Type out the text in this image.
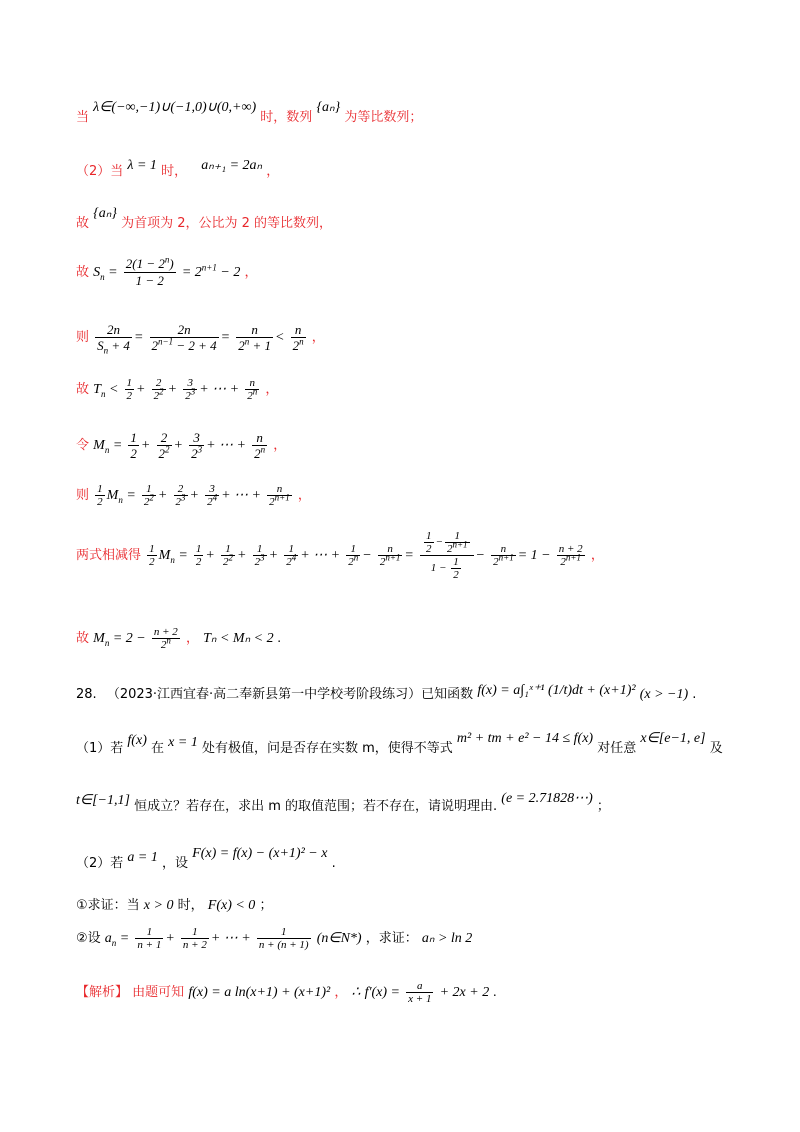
当 λ∈(−∞,−1)∪(−1,0)∪(0,+∞) 时，数列 {aₙ} 为等比数列；
（2）当 λ = 1 时， aₙ₊₁ = 2aₙ ，
故 {aₙ} 为首项为 2，公比为 2 的等比数列，
故 $S_n = \frac{2(1 - 2^n)}{1 - 2} = 2^{n+1} - 2$ ，
则 $\frac{2n}{S_n + 4} = \frac{2n}{2^{n-1} - 2 + 4} = \frac{n}{2^n + 1} < \frac{n}{2^n}$ ，
故 $T_n < \frac{1}{2} + \frac{2}{2^2} + \frac{3}{2^3}$ + ⋯ + $\frac{n}{2^n}$ ，
令 $M_n = \frac{1}{2} + \frac{2}{2^2} + \frac{3}{2^3}$ + ⋯ + $\frac{n}{2^n}$ ，
则 $\frac{1}{2} M_n = \frac{1}{2^2} + \frac{2}{2^3} + \frac{3}{2^4}$ + ⋯ + $\frac{n}{2^{n+1}}$ ，
两式相减得 $\frac{1}{2} M_n = \frac{1}{2} + \frac{1}{2^2} + \frac{1}{2^3} + \frac{1}{2^4}$ + ⋯ + $\frac{1}{2^n} - \frac{n}{2^{n+1}} = \frac{\frac{1}{2} - \frac{1}{2^{n+1}}}{1 - \frac{1}{2}} - \frac{n}{2^{n+1}} = 1 - \frac{n + 2}{2^{n+1}}$ ，
故 $M_n = 2 - \frac{n + 2}{2^n}$ ， Tₙ < Mₙ < 2 .
28. （2023·江西宜春·高二奉新县第一中学校考阶段练习）已知函数 f(x) = a∫₁ˣ⁺¹ (1/t)dt + (x+1)² (x > −1) .
（1）若 f(x) 在 x = 1 处有极值，问是否存在实数 m，使得不等式 m² + tm + e² − 14 ≤ f(x) 对任意 x∈[e−1, e] 及
t∈[−1,1] 恒成立？若存在，求出 m 的取值范围；若不存在，请说明理由. (e = 2.71828⋯) ；
（2）若 a = 1 ，设 F(x) = f(x) − (x+1)² − x .
①求证：当 x > 0 时， F(x) < 0 ；
②设 $a_n = \frac{1}{n + 1} + \frac{1}{n + 2}$ + ⋯ + $\frac{1}{n + (n + 1)}$ (n∈N*) ，求证： aₙ > ln 2
【解析】 由题可知 f(x) = a ln(x+1) + (x+1)² ， ∴ $f'(x) = \frac{a}{x + 1} + 2x + 2$ .
